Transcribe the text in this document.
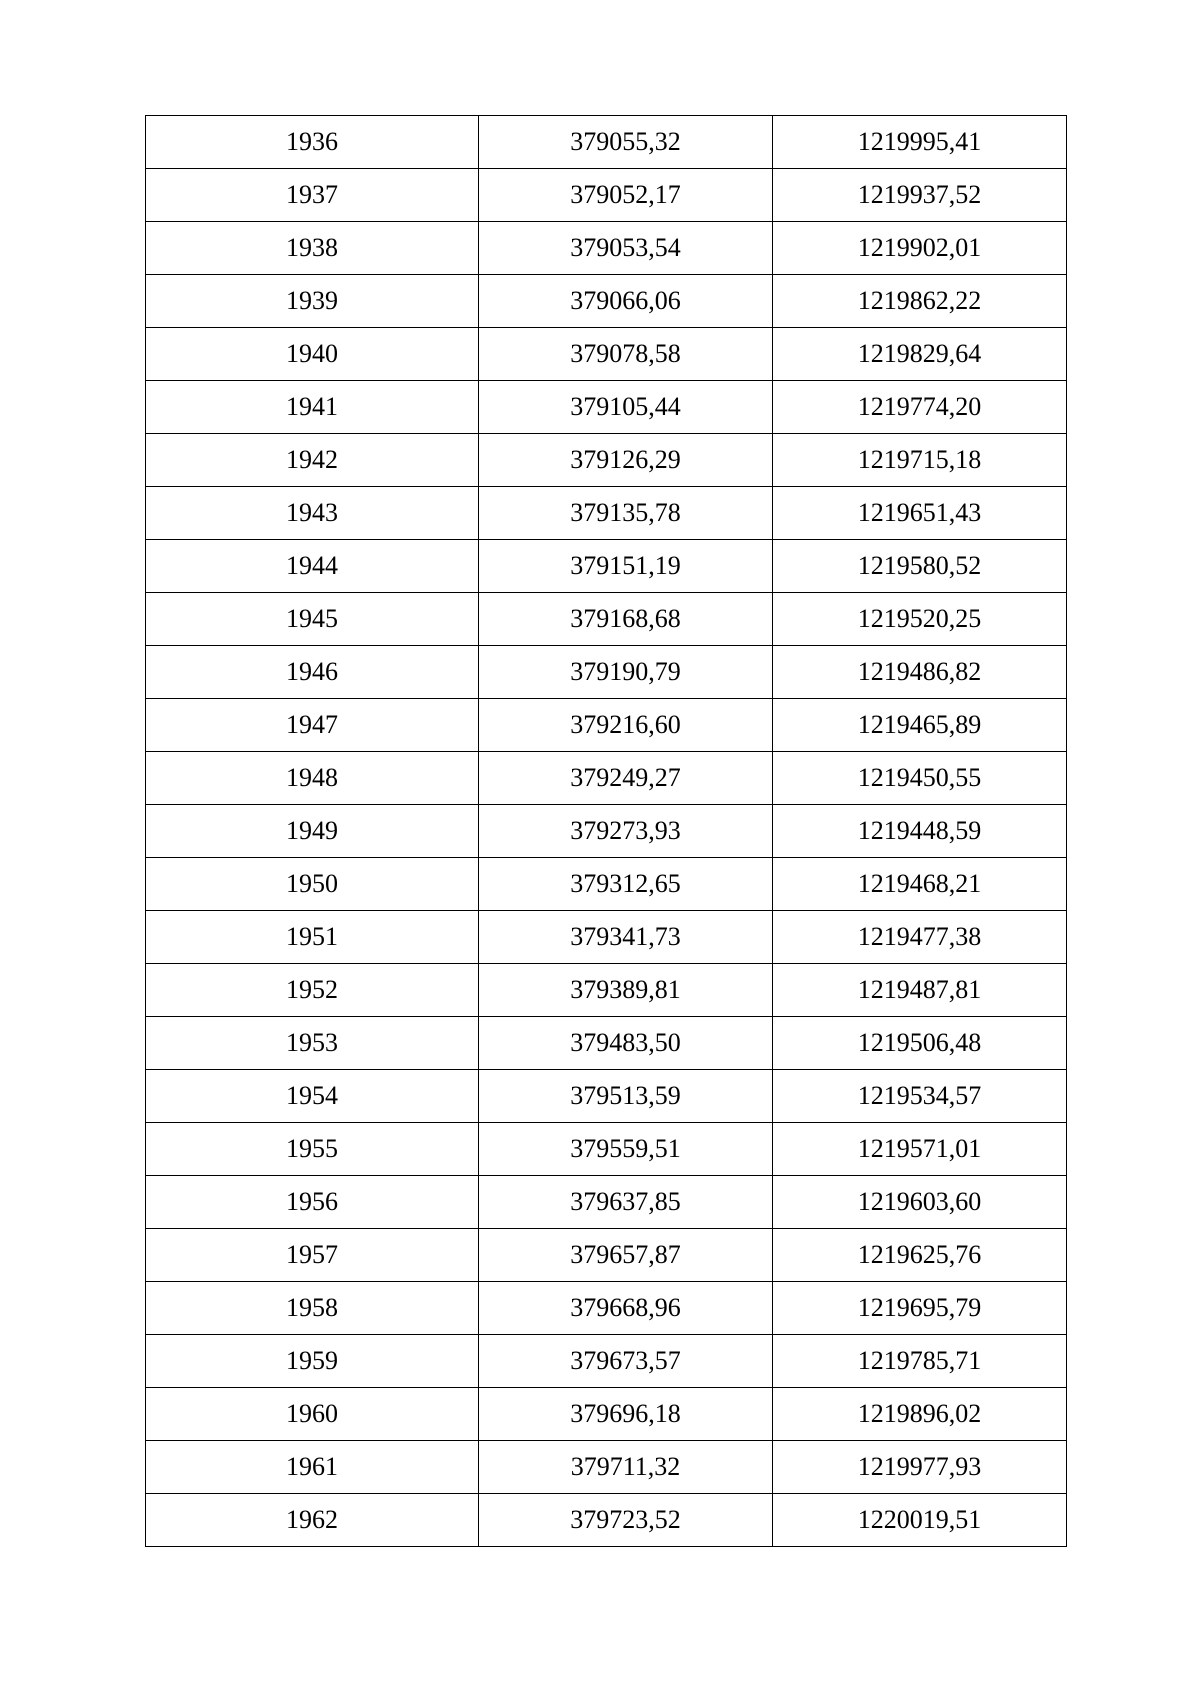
1936	379055,32	1219995,41
1937	379052,17	1219937,52
1938	379053,54	1219902,01
1939	379066,06	1219862,22
1940	379078,58	1219829,64
1941	379105,44	1219774,20
1942	379126,29	1219715,18
1943	379135,78	1219651,43
1944	379151,19	1219580,52
1945	379168,68	1219520,25
1946	379190,79	1219486,82
1947	379216,60	1219465,89
1948	379249,27	1219450,55
1949	379273,93	1219448,59
1950	379312,65	1219468,21
1951	379341,73	1219477,38
1952	379389,81	1219487,81
1953	379483,50	1219506,48
1954	379513,59	1219534,57
1955	379559,51	1219571,01
1956	379637,85	1219603,60
1957	379657,87	1219625,76
1958	379668,96	1219695,79
1959	379673,57	1219785,71
1960	379696,18	1219896,02
1961	379711,32	1219977,93
1962	379723,52	1220019,51
